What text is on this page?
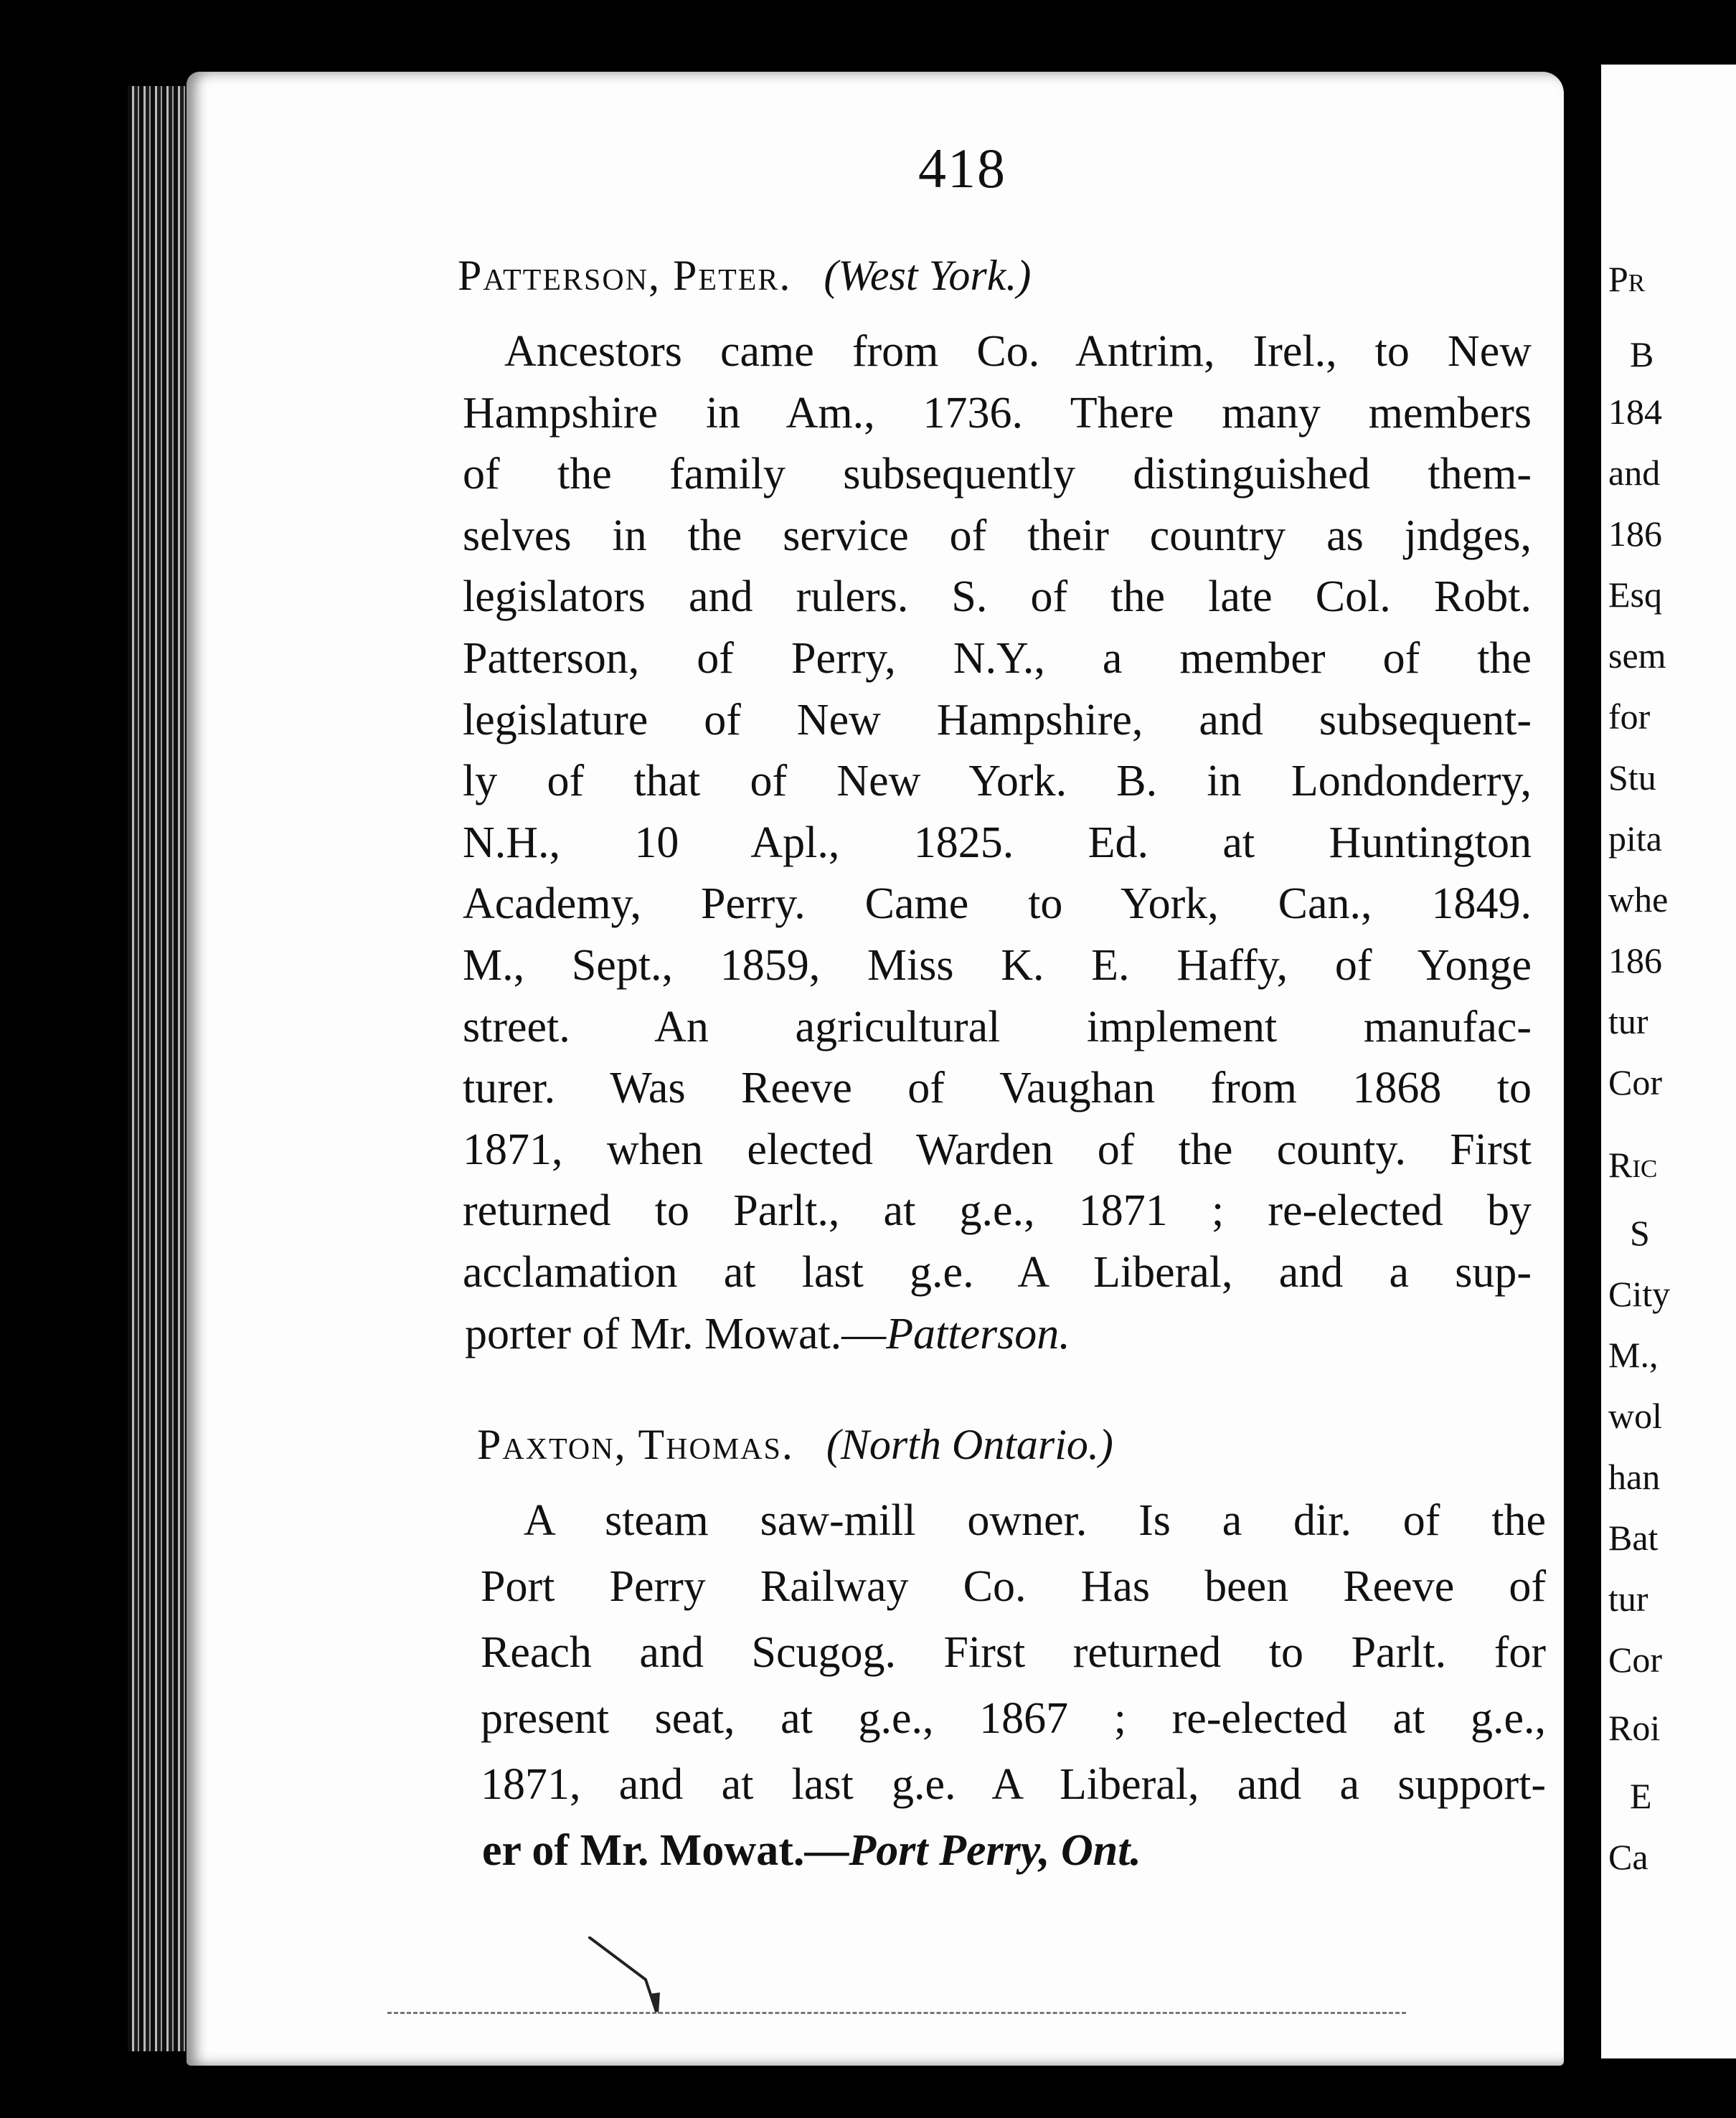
Pr
B
184
and
186
Esq
sem
for
Stu
pita
whe
186
tur
Cor
Ric
S
City
M.,
wol
han
Bat
tur
Cor
Roi
E
Ca
418
Patterson, Peter. (West York.)
Ancestors came from Co. Antrim, Irel., to New
Hampshire in Am., 1736. There many members
of the family subsequently distinguished them-
selves in the service of their country as jndges,
legislators and rulers. S. of the late Col. Robt.
Patterson, of Perry, N.Y., a member of the
legislature of New Hampshire, and subsequent-
ly of that of New York. B. in Londonderry,
N.H., 10 Apl., 1825. Ed. at Huntington
Academy, Perry. Came to York, Can., 1849.
M., Sept., 1859, Miss K. E. Haffy, of Yonge
street. An agricultural implement manufac-
turer. Was Reeve of Vaughan from 1868 to
1871, when elected Warden of the county. First
returned to Parlt., at g.e., 1871 ; re-elected by
acclamation at last g.e. A Liberal, and a sup-
porter of Mr. Mowat.—Patterson.
Paxton, Thomas. (North Ontario.)
A steam saw-mill owner. Is a dir. of the
Port Perry Railway Co. Has been Reeve of
Reach and Scugog. First returned to Parlt. for
present seat, at g.e., 1867 ; re-elected at g.e.,
1871, and at last g.e. A Liberal, and a support-
er of Mr. Mowat.—Port Perry, Ont.
